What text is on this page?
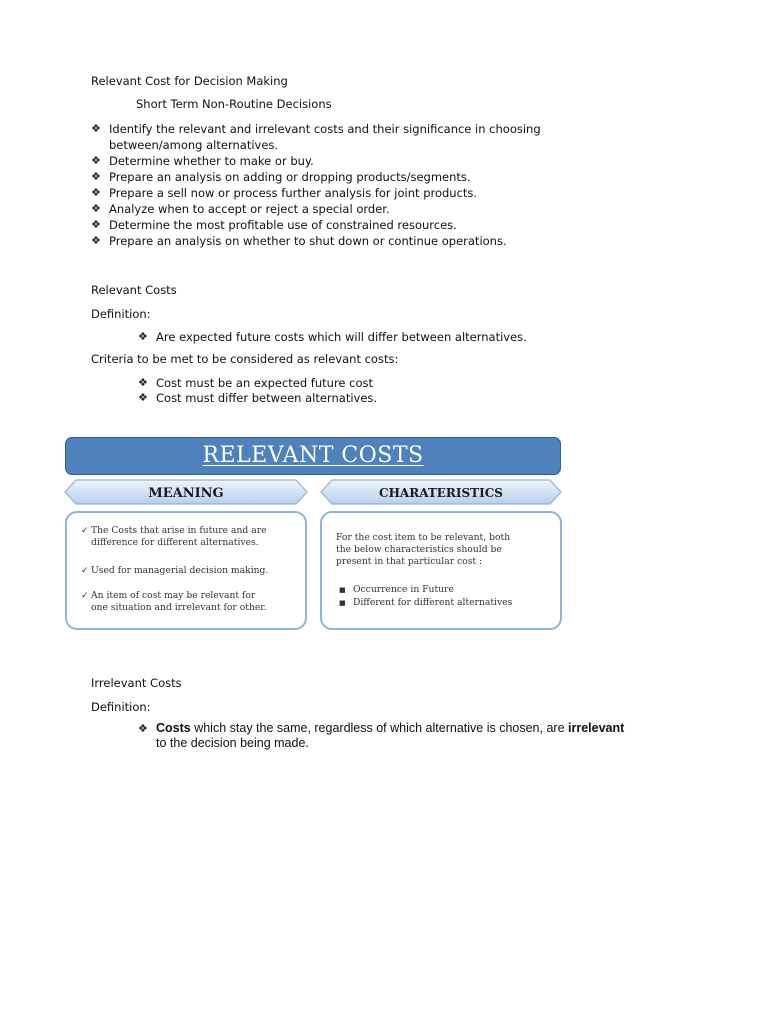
Relevant Cost for Decision Making
Short Term Non-Routine Decisions
❖ Identify the relevant and irrelevant costs and their significance in choosing
between/among alternatives.
❖ Determine whether to make or buy.
❖ Prepare an analysis on adding or dropping products/segments.
❖ Prepare a sell now or process further analysis for joint products.
❖ Analyze when to accept or reject a special order.
❖ Determine the most profitable use of constrained resources.
❖ Prepare an analysis on whether to shut down or continue operations.
Relevant Costs
Definition:
❖ Are expected future costs which will differ between alternatives.
Criteria to be met to be considered as relevant costs:
❖ Cost must be an expected future cost
❖ Cost must differ between alternatives.
RELEVANT COSTS
MEANING	CHARATERISTICS
✓ The Costs that arise in future and are
difference for different alternatives.
✓ Used for managerial decision making.
✓ An item of cost may be relevant for
one situation and irrelevant for other.
For the cost item to be relevant, both
the below characteristics should be
present in that particular cost :
■ Occurrence in Future
■ Different for different alternatives
Irrelevant Costs
Definition:
❖ Costs which stay the same, regardless of which alternative is chosen, are irrelevant
to the decision being made.
